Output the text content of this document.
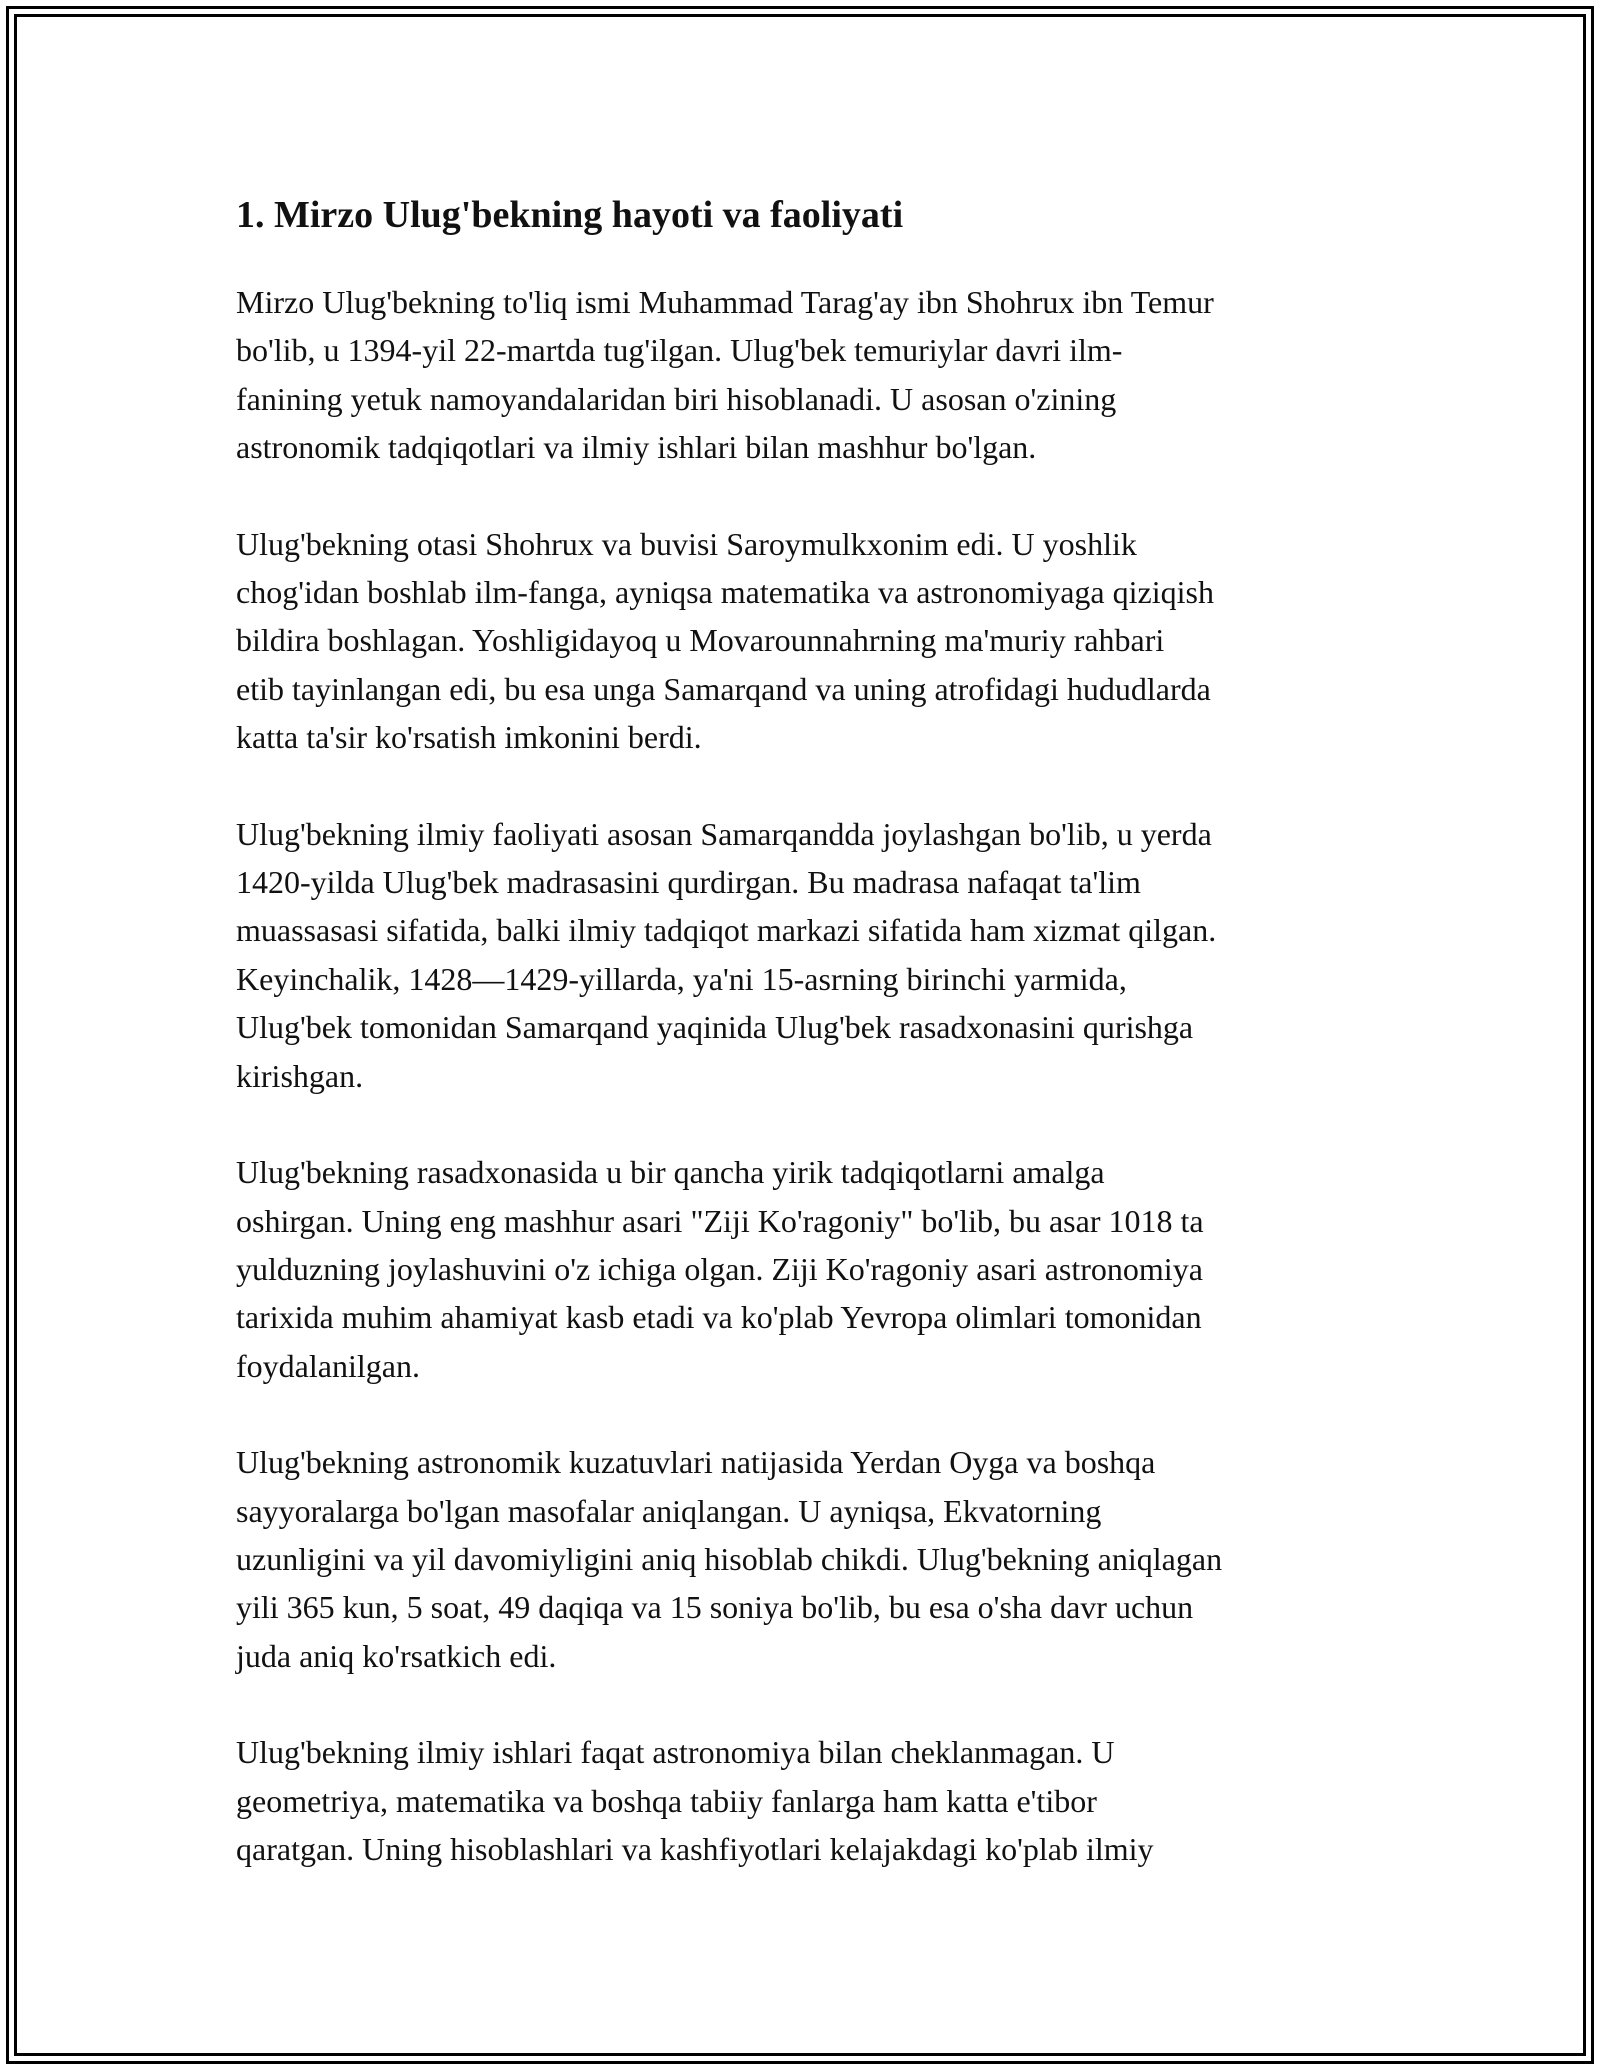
1. Mirzo Ulug'bekning hayoti va faoliyati

Mirzo Ulug'bekning to'liq ismi Muhammad Tarag'ay ibn Shohrux ibn Temur
bo'lib, u 1394-yil 22-martda tug'ilgan. Ulug'bek temuriylar davri ilm-
fanining yetuk namoyandalaridan biri hisoblanadi. U asosan o'zining
astronomik tadqiqotlari va ilmiy ishlari bilan mashhur bo'lgan.

Ulug'bekning otasi Shohrux va buvisi Saroymulkxonim edi. U yoshlik
chog'idan boshlab ilm-fanga, ayniqsa matematika va astronomiyaga qiziqish
bildira boshlagan. Yoshligidayoq u Movarounnahrning ma'muriy rahbari
etib tayinlangan edi, bu esa unga Samarqand va uning atrofidagi hududlarda
katta ta'sir ko'rsatish imkonini berdi.

Ulug'bekning ilmiy faoliyati asosan Samarqandda joylashgan bo'lib, u yerda
1420-yilda Ulug'bek madrasasini qurdirgan. Bu madrasa nafaqat ta'lim
muassasasi sifatida, balki ilmiy tadqiqot markazi sifatida ham xizmat qilgan.
Keyinchalik, 1428—1429-yillarda, ya'ni 15-asrning birinchi yarmida,
Ulug'bek tomonidan Samarqand yaqinida Ulug'bek rasadxonasini qurishga
kirishgan.

Ulug'bekning rasadxonasida u bir qancha yirik tadqiqotlarni amalga
oshirgan. Uning eng mashhur asari "Ziji Ko'ragoniy" bo'lib, bu asar 1018 ta
yulduzning joylashuvini o'z ichiga olgan. Ziji Ko'ragoniy asari astronomiya
tarixida muhim ahamiyat kasb etadi va ko'plab Yevropa olimlari tomonidan
foydalanilgan.

Ulug'bekning astronomik kuzatuvlari natijasida Yerdan Oyga va boshqa
sayyoralarga bo'lgan masofalar aniqlangan. U ayniqsa, Ekvatorning
uzunligini va yil davomiyligini aniq hisoblab chikdi. Ulug'bekning aniqlagan
yili 365 kun, 5 soat, 49 daqiqa va 15 soniya bo'lib, bu esa o'sha davr uchun
juda aniq ko'rsatkich edi.

Ulug'bekning ilmiy ishlari faqat astronomiya bilan cheklanmagan. U
geometriya, matematika va boshqa tabiiy fanlarga ham katta e'tibor
qaratgan. Uning hisoblashlari va kashfiyotlari kelajakdagi ko'plab ilmiy
